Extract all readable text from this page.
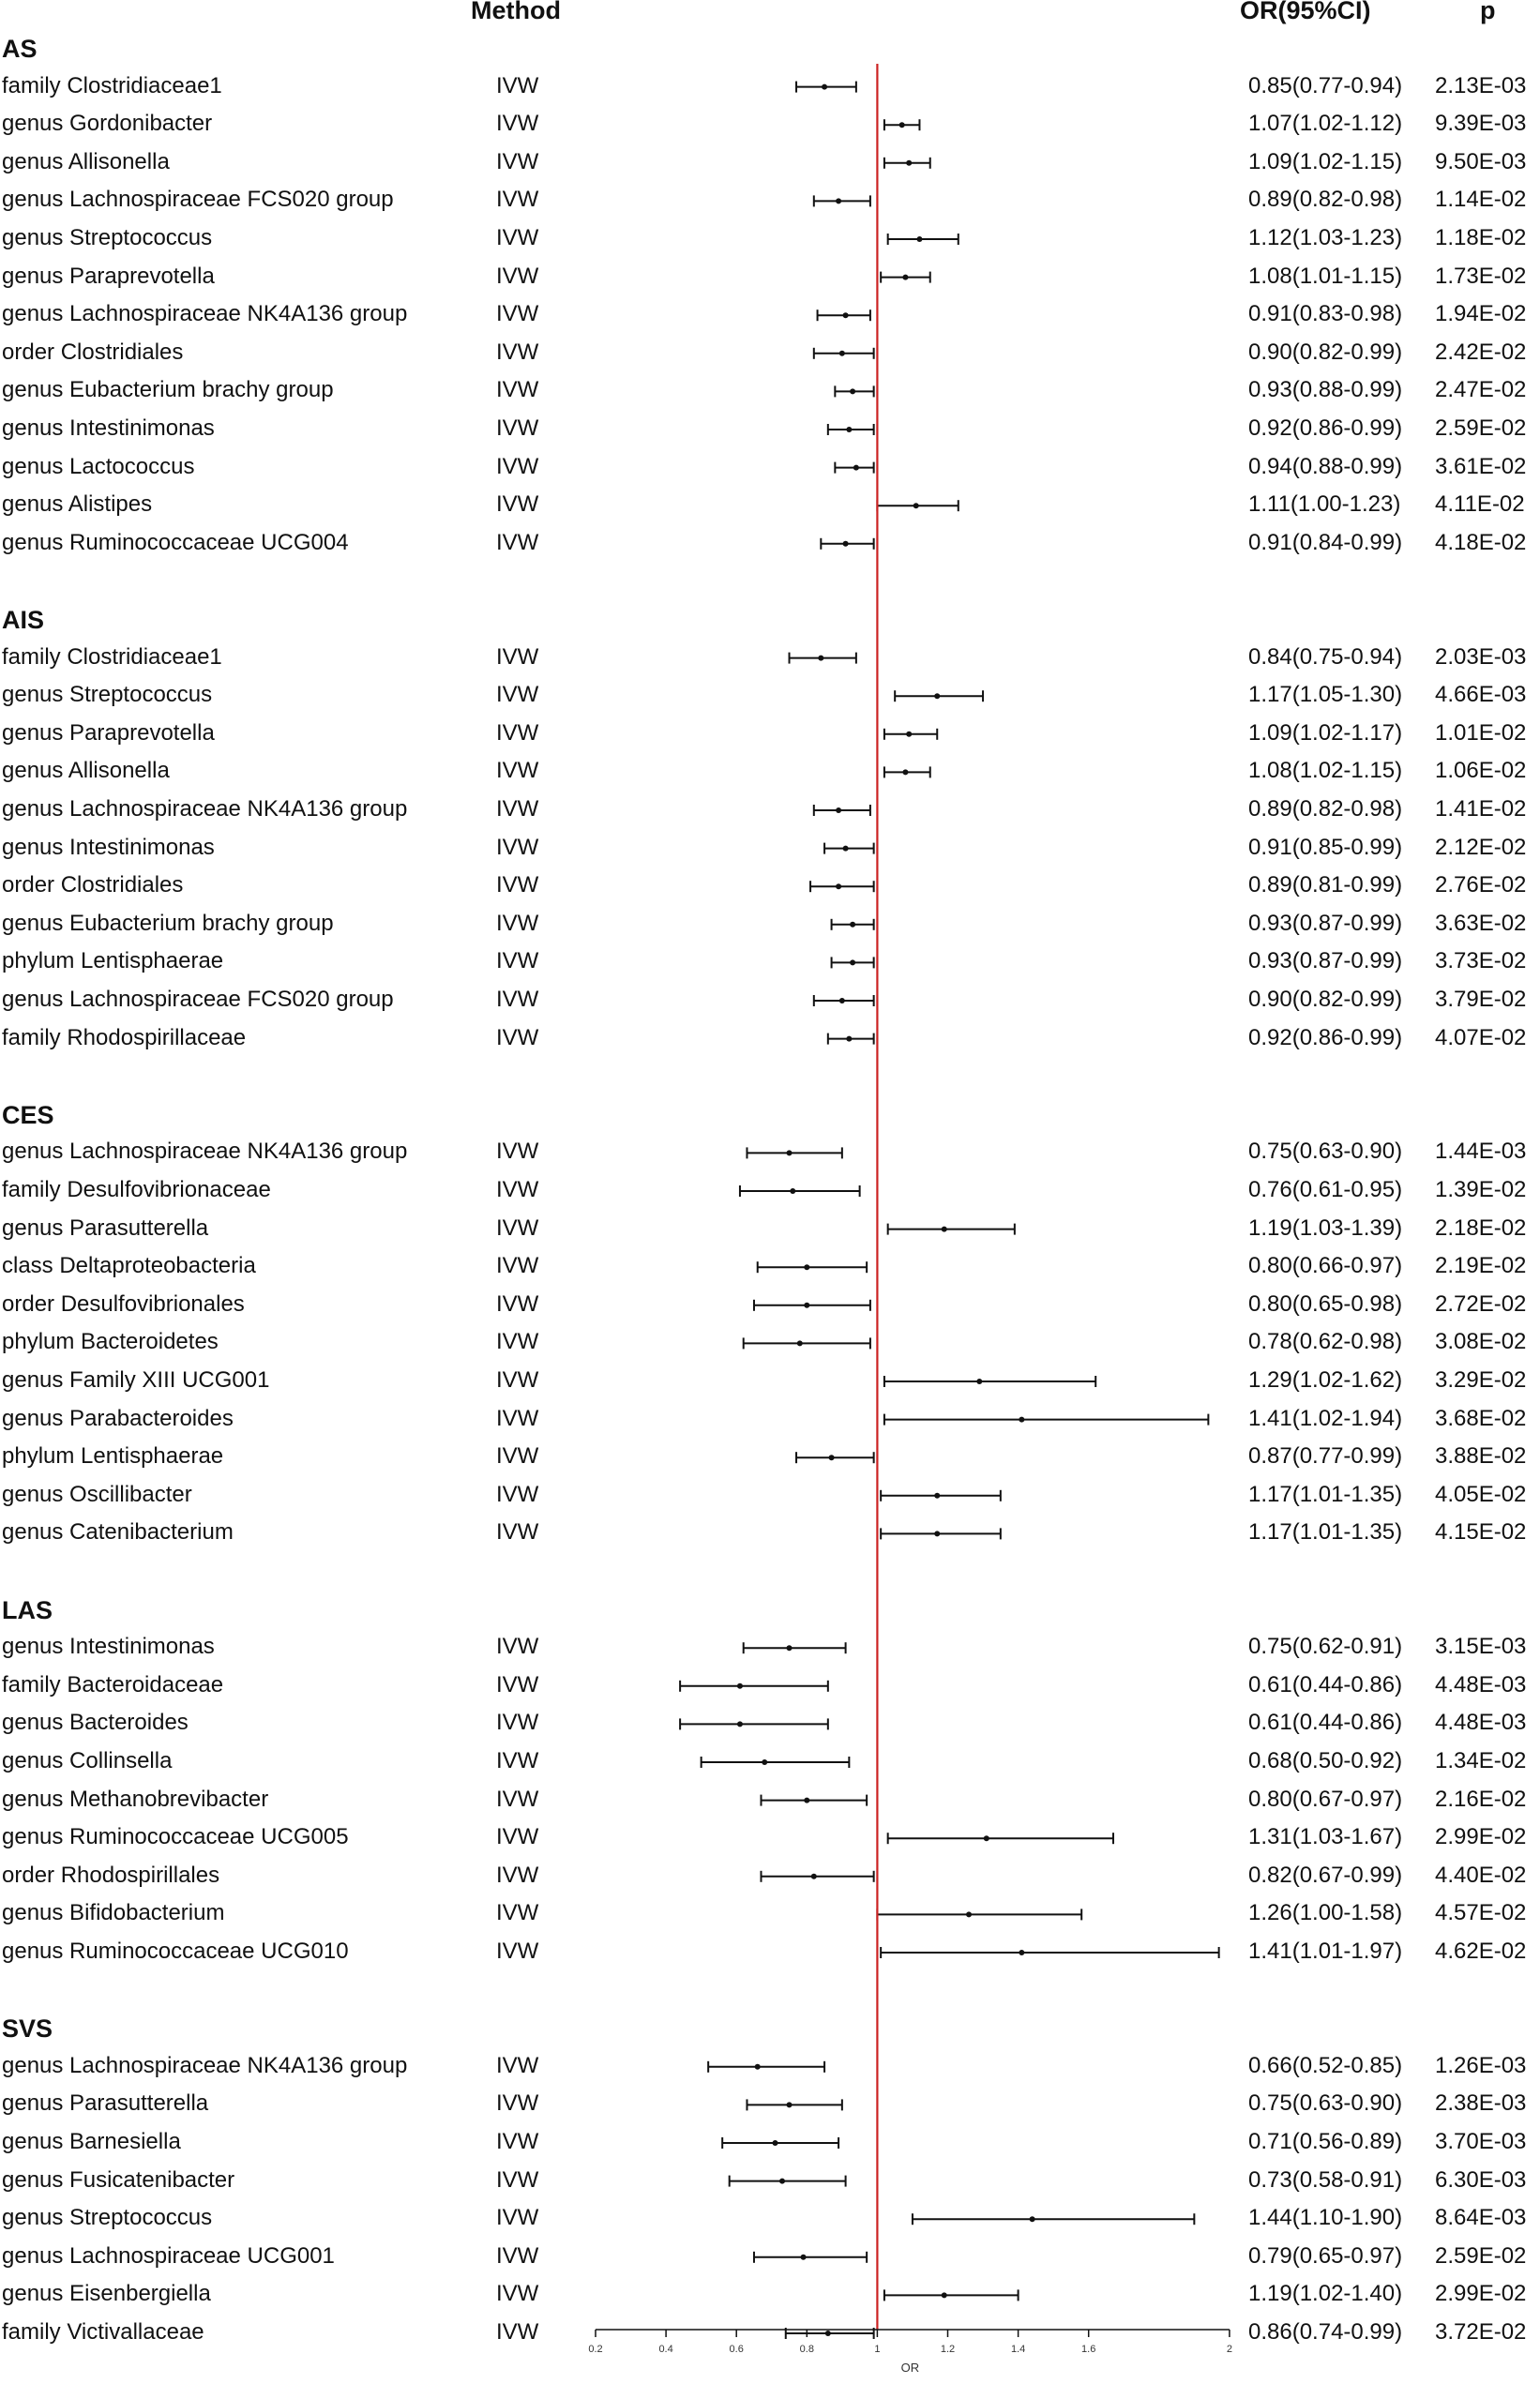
Method	OR(95%CI)	p
AS
family Clostridiaceae1	IVW	0.85(0.77-0.94) 2.13E-03
genus Gordonibacter	IVW	1.07(1.02-1.12) 9.39E-03
genus Allisonella	IVW	1.09(1.02-1.15) 9.50E-03
genus Lachnospiraceae FCS020 group	IVW	0.89(0.82-0.98) 1.14E-02
genus Streptococcus	IVW	1.12(1.03-1.23) 1.18E-02
genus Paraprevotella	IVW	1.08(1.01-1.15) 1.73E-02
genus Lachnospiraceae NK4A136 group	IVW	0.91(0.83-0.98) 1.94E-02
order Clostridiales	IVW	0.90(0.82-0.99) 2.42E-02
genus Eubacterium brachy group	IVW	0.93(0.88-0.99) 2.47E-02
genus Intestinimonas	IVW	0.92(0.86-0.99) 2.59E-02
genus Lactococcus	IVW	0.94(0.88-0.99) 3.61E-02
genus Alistipes	IVW	1.11(1.00-1.23) 4.11E-02
genus Ruminococcaceae UCG004	IVW	0.91(0.84-0.99) 4.18E-02
AIS
family Clostridiaceae1	IVW	0.84(0.75-0.94) 2.03E-03
genus Streptococcus	IVW	1.17(1.05-1.30) 4.66E-03
genus Paraprevotella	IVW	1.09(1.02-1.17) 1.01E-02
genus Allisonella	IVW	1.08(1.02-1.15) 1.06E-02
genus Lachnospiraceae NK4A136 group	IVW	0.89(0.82-0.98) 1.41E-02
genus Intestinimonas	IVW	0.91(0.85-0.99) 2.12E-02
order Clostridiales	IVW	0.89(0.81-0.99) 2.76E-02
genus Eubacterium brachy group	IVW	0.93(0.87-0.99) 3.63E-02
phylum Lentisphaerae	IVW	0.93(0.87-0.99) 3.73E-02
genus Lachnospiraceae FCS020 group	IVW	0.90(0.82-0.99) 3.79E-02
family Rhodospirillaceae	IVW	0.92(0.86-0.99) 4.07E-02
CES
genus Lachnospiraceae NK4A136 group	IVW	0.75(0.63-0.90) 1.44E-03
family Desulfovibrionaceae	IVW	0.76(0.61-0.95) 1.39E-02
genus Parasutterella	IVW	1.19(1.03-1.39) 2.18E-02
class Deltaproteobacteria	IVW	0.80(0.66-0.97) 2.19E-02
order Desulfovibrionales	IVW	0.80(0.65-0.98) 2.72E-02
phylum Bacteroidetes	IVW	0.78(0.62-0.98) 3.08E-02
genus Family XIII UCG001	IVW	1.29(1.02-1.62) 3.29E-02
genus Parabacteroides	IVW	1.41(1.02-1.94) 3.68E-02
phylum Lentisphaerae	IVW	0.87(0.77-0.99) 3.88E-02
genus Oscillibacter	IVW	1.17(1.01-1.35) 4.05E-02
genus Catenibacterium	IVW	1.17(1.01-1.35) 4.15E-02
LAS
genus Intestinimonas	IVW	0.75(0.62-0.91) 3.15E-03
family Bacteroidaceae	IVW	0.61(0.44-0.86) 4.48E-03
genus Bacteroides	IVW	0.61(0.44-0.86) 4.48E-03
genus Collinsella	IVW	0.68(0.50-0.92) 1.34E-02
genus Methanobrevibacter	IVW	0.80(0.67-0.97) 2.16E-02
genus Ruminococcaceae UCG005	IVW	1.31(1.03-1.67) 2.99E-02
order Rhodospirillales	IVW	0.82(0.67-0.99) 4.40E-02
genus Bifidobacterium	IVW	1.26(1.00-1.58) 4.57E-02
genus Ruminococcaceae UCG010	IVW	1.41(1.01-1.97) 4.62E-02
SVS
genus Lachnospiraceae NK4A136 group	IVW	0.66(0.52-0.85) 1.26E-03
genus Parasutterella	IVW	0.75(0.63-0.90) 2.38E-03
genus Barnesiella	IVW	0.71(0.56-0.89) 3.70E-03
genus Fusicatenibacter	IVW	0.73(0.58-0.91) 6.30E-03
genus Streptococcus	IVW	1.44(1.10-1.90) 8.64E-03
genus Lachnospiraceae UCG001	IVW	0.79(0.65-0.97) 2.59E-02
genus Eisenbergiella	IVW	1.19(1.02-1.40) 2.99E-02
family Victivallaceae	IVW	0.86(0.74-0.99) 3.72E-02
0.2	0.4	0.6	0.8	1	1.2	1.4	1.6	2
OR
